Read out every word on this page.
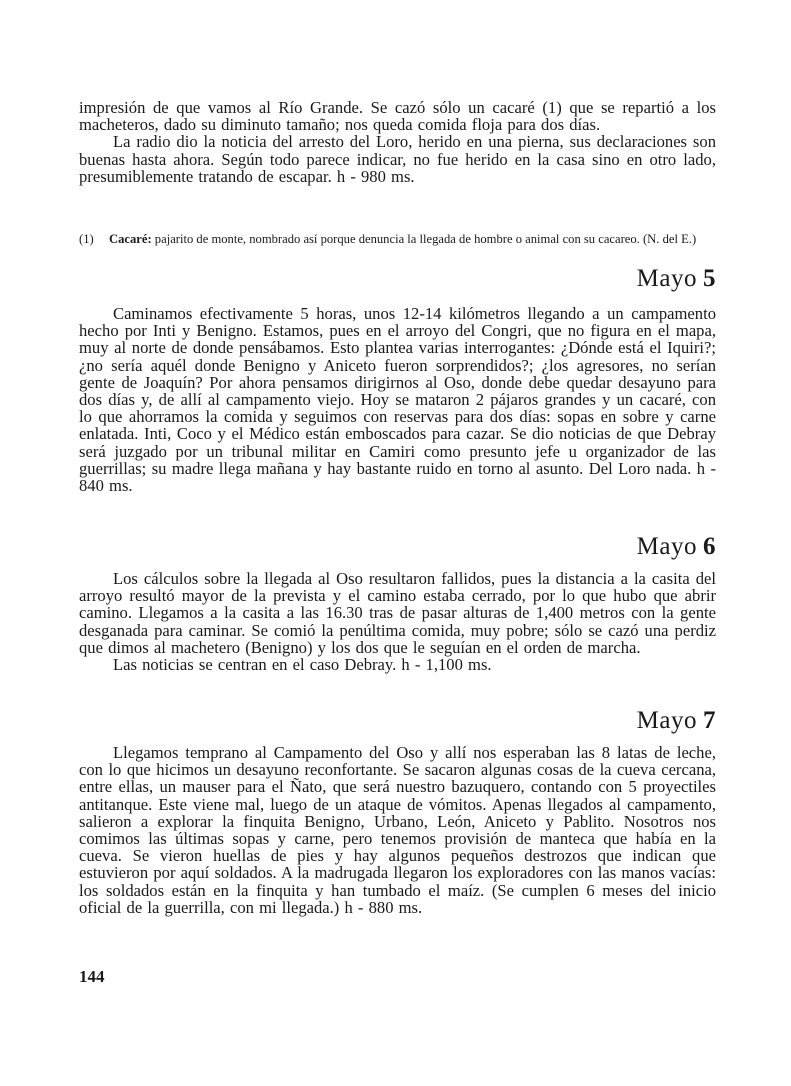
impresión de que vamos al Río Grande. Se cazó sólo un cacaré (1) que se repartió a los macheteros, dado su diminuto tamaño; nos queda comida floja para dos días.

La radio dio la noticia del arresto del Loro, herido en una pierna, sus declaraciones son buenas hasta ahora. Según todo parece indicar, no fue herido en la casa sino en otro lado, presumiblemente tratando de escapar. h - 980 ms.

(1)	Cacaré: pajarito de monte, nombrado así porque denuncia la llegada de hombre o animal con su cacareo. (N. del E.)
Mayo 5

Caminamos efectivamente 5 horas, unos 12-14 kilómetros llegando a un campamento hecho por Inti y Benigno. Estamos, pues en el arroyo del Congri, que no figura en el mapa, muy al norte de donde pensábamos. Esto plantea varias interrogantes: ¿Dónde está el Iquiri?; ¿no sería aquél donde Benigno y Aniceto fueron sorprendidos?; ¿los agresores, no serían gente de Joaquín? Por ahora pensamos dirigirnos al Oso, donde debe quedar desayuno para dos días y, de allí al campamento viejo. Hoy se mataron 2 pájaros grandes y un cacaré, con lo que ahorramos la comida y seguimos con reservas para dos días: sopas en sobre y carne enlatada. Inti, Coco y el Médico están emboscados para cazar. Se dio noticias de que Debray será juzgado por un tribunal militar en Camiri como presunto jefe u organizador de las guerrillas; su madre llega mañana y hay bastante ruido en torno al asunto. Del Loro nada. h - 840 ms.

Mayo 6

Los cálculos sobre la llegada al Oso resultaron fallidos, pues la distancia a la casita del arroyo resultó mayor de la prevista y el camino estaba cerrado, por lo que hubo que abrir camino. Llegamos a la casita a las 16.30 tras de pasar alturas de 1,400 metros con la gente desganada para caminar. Se comió la penúltima comida, muy pobre; sólo se cazó una perdiz que dimos al machetero (Benigno) y los dos que le seguían en el orden de marcha.

Las noticias se centran en el caso Debray. h - 1,100 ms.

Mayo 7

Llegamos temprano al Campamento del Oso y allí nos esperaban las 8 latas de leche, con lo que hicimos un desayuno reconfortante. Se sacaron algunas cosas de la cueva cercana, entre ellas, un mauser para el Ñato, que será nuestro bazuquero, contando con 5 proyectiles antitanque. Este viene mal, luego de un ataque de vómitos. Apenas llegados al campamento, salieron a explorar la finquita Benigno, Urbano, León, Aniceto y Pablito. Nosotros nos comimos las últimas sopas y carne, pero tenemos provisión de manteca que había en la cueva. Se vieron huellas de pies y hay algunos pequeños destrozos que indican que estuvieron por aquí soldados. A la madrugada llegaron los exploradores con las manos vacías: los soldados están en la finquita y han tumbado el maíz. (Se cumplen 6 meses del inicio oficial de la guerrilla, con mi llegada.) h - 880 ms.

144
